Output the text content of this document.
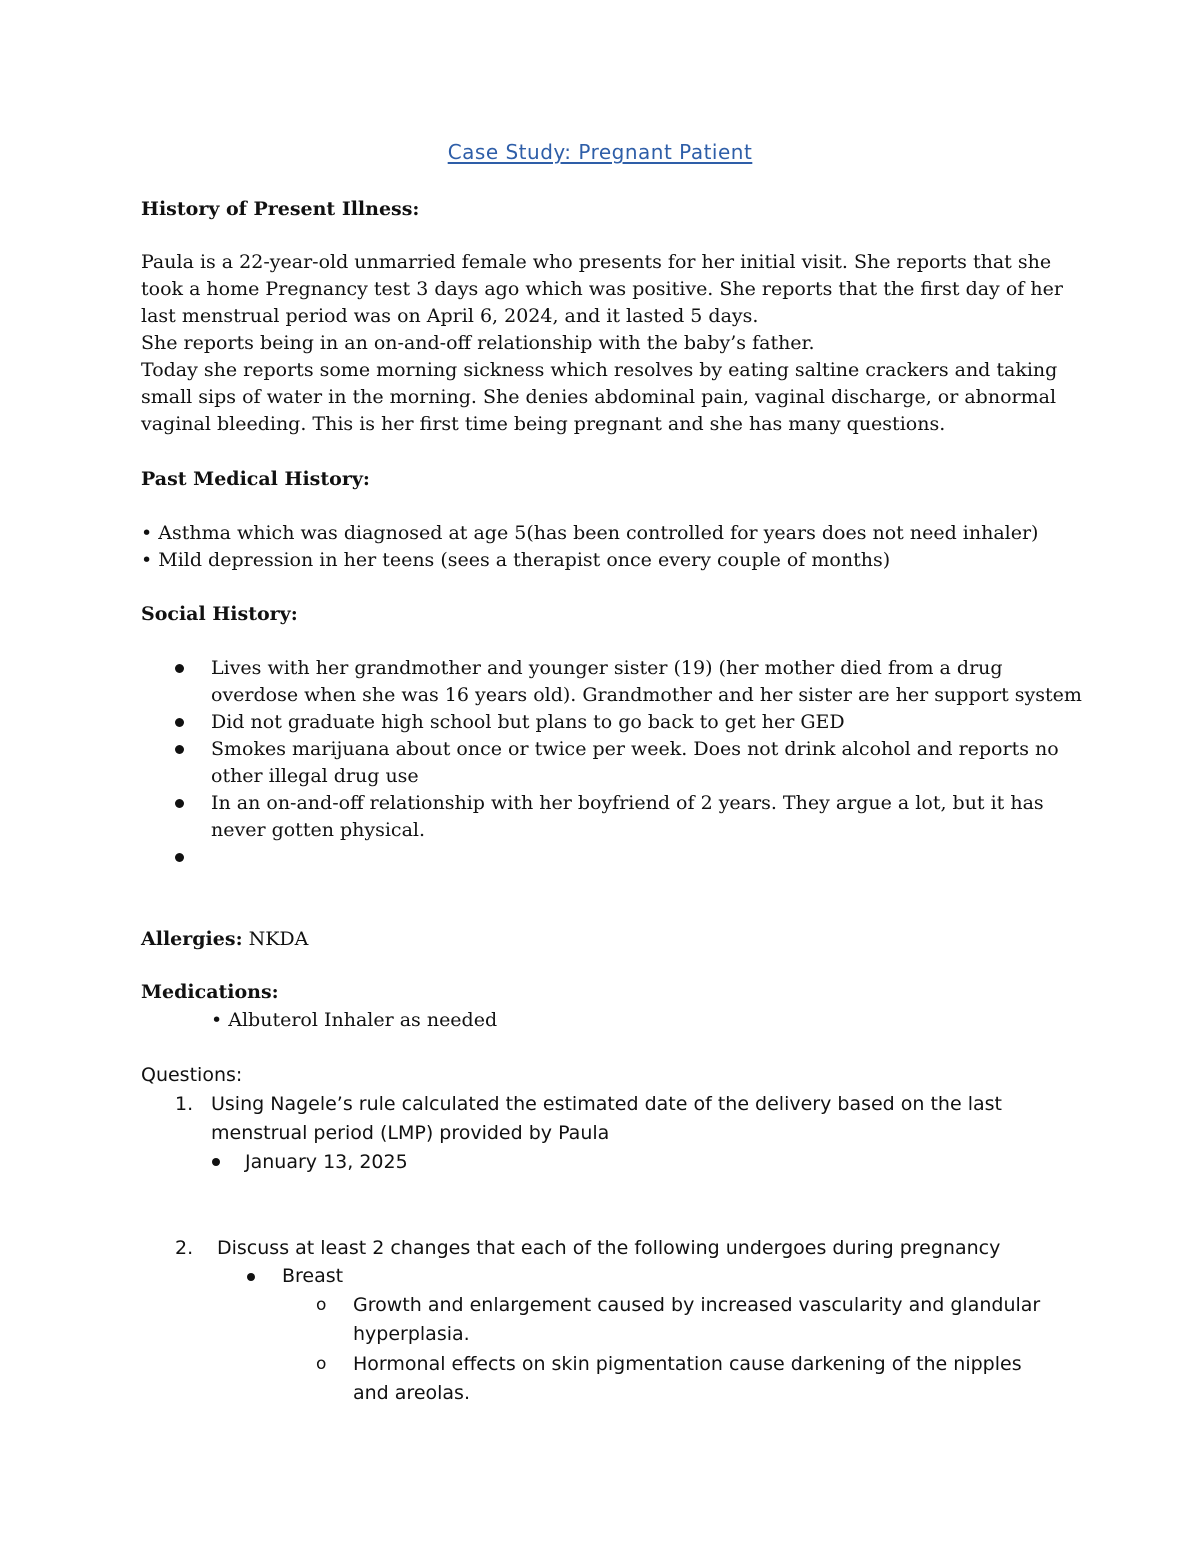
Case Study: Pregnant Patient
History of Present Illness:
Paula is a 22-year-old unmarried female who presents for her initial visit. She reports that she
took a home Pregnancy test 3 days ago which was positive. She reports that the first day of her
last menstrual period was on April 6, 2024, and it lasted 5 days.
She reports being in an on-and-off relationship with the baby’s father.
Today she reports some morning sickness which resolves by eating saltine crackers and taking
small sips of water in the morning. She denies abdominal pain, vaginal discharge, or abnormal
vaginal bleeding. This is her first time being pregnant and she has many questions.
Past Medical History:
• Asthma which was diagnosed at age 5(has been controlled for years does not need inhaler)
• Mild depression in her teens (sees a therapist once every couple of months)
Social History:
Lives with her grandmother and younger sister (19) (her mother died from a drug
overdose when she was 16 years old). Grandmother and her sister are her support system
Did not graduate high school but plans to go back to get her GED
Smokes marijuana about once or twice per week. Does not drink alcohol and reports no
other illegal drug use
In an on-and-off relationship with her boyfriend of 2 years. They argue a lot, but it has
never gotten physical.
Allergies: NKDA
Medications:
• Albuterol Inhaler as needed
Questions:
1. Using Nagele’s rule calculated the estimated date of the delivery based on the last
menstrual period (LMP) provided by Paula
January 13, 2025
2. Discuss at least 2 changes that each of the following undergoes during pregnancy
Breast
o Growth and enlargement caused by increased vascularity and glandular
hyperplasia.
o Hormonal effects on skin pigmentation cause darkening of the nipples
and areolas.
